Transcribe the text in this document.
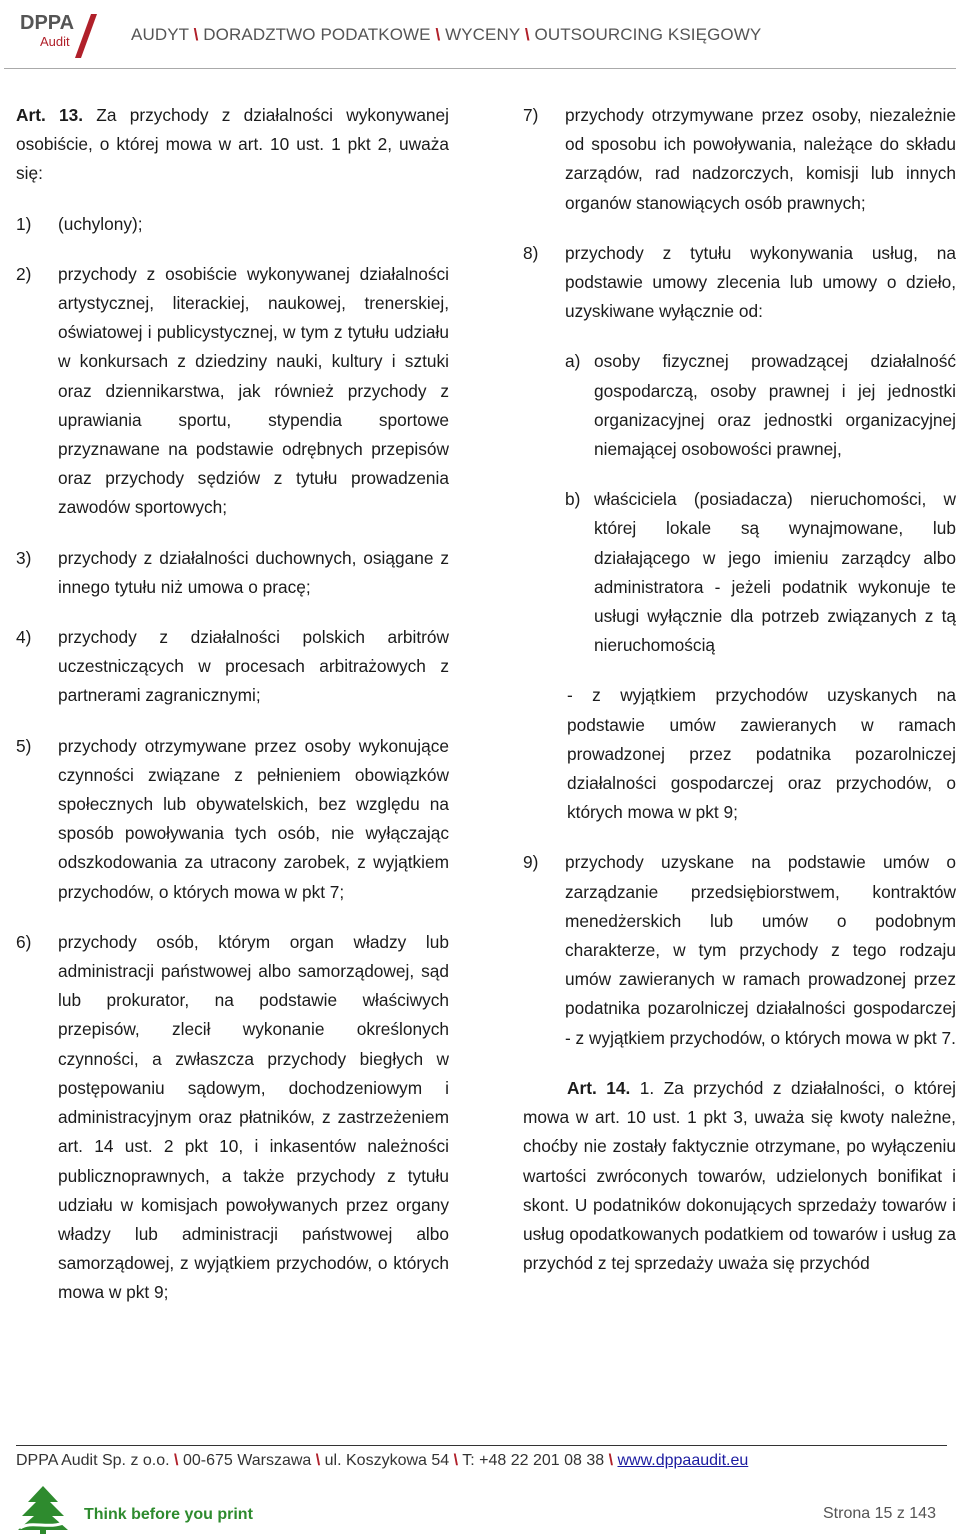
DPPA
Audit	AUDYT \ DORADZTWO PODATKOWE \ WYCENY \ OUTSOURCING KSIĘGOWY

Art. 13. Za przychody z działalności wykonywanej osobiście, o której mowa w art. 10 ust. 1 pkt 2, uważa się:

1) (uchylony);
2) przychody z osobiście wykonywanej działalności artystycznej, literackiej, naukowej, trenerskiej, oświatowej i publicystycznej, w tym z tytułu udziału w konkursach z dziedziny nauki, kultury i sztuki oraz dziennikarstwa, jak również przychody z uprawiania sportu, stypendia sportowe przyznawane na podstawie odrębnych przepisów oraz przychody sędziów z tytułu prowadzenia zawodów sportowych;
3) przychody z działalności duchownych, osiągane z innego tytułu niż umowa o pracę;
4) przychody z działalności polskich arbitrów uczestniczących w procesach arbitrażowych z partnerami zagranicznymi;
5) przychody otrzymywane przez osoby wykonujące czynności związane z pełnieniem obowiązków społecznych lub obywatelskich, bez względu na sposób powoływania tych osób, nie wyłączając odszkodowania za utracony zarobek, z wyjątkiem przychodów, o których mowa w pkt 7;
6) przychody osób, którym organ władzy lub administracji państwowej albo samorządowej, sąd lub prokurator, na podstawie właściwych przepisów, zlecił wykonanie określonych czynności, a zwłaszcza przychody biegłych w postępowaniu sądowym, dochodzeniowym i administracyjnym oraz płatników, z zastrzeżeniem art. 14 ust. 2 pkt 10, i inkasentów należności publicznoprawnych, a także przychody z tytułu udziału w komisjach powoływanych przez organy władzy lub administracji państwowej albo samorządowej, z wyjątkiem przychodów, o których mowa w pkt 9;
7) przychody otrzymywane przez osoby, niezależnie od sposobu ich powoływania, należące do składu zarządów, rad nadzorczych, komisji lub innych organów stanowiących osób prawnych;
8) przychody z tytułu wykonywania usług, na podstawie umowy zlecenia lub umowy o dzieło, uzyskiwane wyłącznie od:
a) osoby fizycznej prowadzącej działalność gospodarczą, osoby prawnej i jej jednostki organizacyjnej oraz jednostki organizacyjnej niemającej osobowości prawnej,
b) właściciela (posiadacza) nieruchomości, w której lokale są wynajmowane, lub działającego w jego imieniu zarządcy albo administratora - jeżeli podatnik wykonuje te usługi wyłącznie dla potrzeb związanych z tą nieruchomością
- z wyjątkiem przychodów uzyskanych na podstawie umów zawieranych w ramach prowadzonej przez podatnika pozarolniczej działalności gospodarczej oraz przychodów, o których mowa w pkt 9;
9) przychody uzyskane na podstawie umów o zarządzanie przedsiębiorstwem, kontraktów menedżerskich lub umów o podobnym charakterze, w tym przychody z tego rodzaju umów zawieranych w ramach prowadzonej przez podatnika pozarolniczej działalności gospodarczej - z wyjątkiem przychodów, o których mowa w pkt 7.

Art. 14. 1. Za przychód z działalności, o której mowa w art. 10 ust. 1 pkt 3, uważa się kwoty należne, choćby nie zostały faktycznie otrzymane, po wyłączeniu wartości zwróconych towarów, udzielonych bonifikat i skont. U podatników dokonujących sprzedaży towarów i usług opodatkowanych podatkiem od towarów i usług za przychód z tej sprzedaży uważa się przychód

DPPA Audit Sp. z o.o. \ 00-675 Warszawa \ ul. Koszykowa 54 \ T: +48 22 201 08 38 \ www.dppaaudit.eu
Think before you print	Strona 15 z 143
